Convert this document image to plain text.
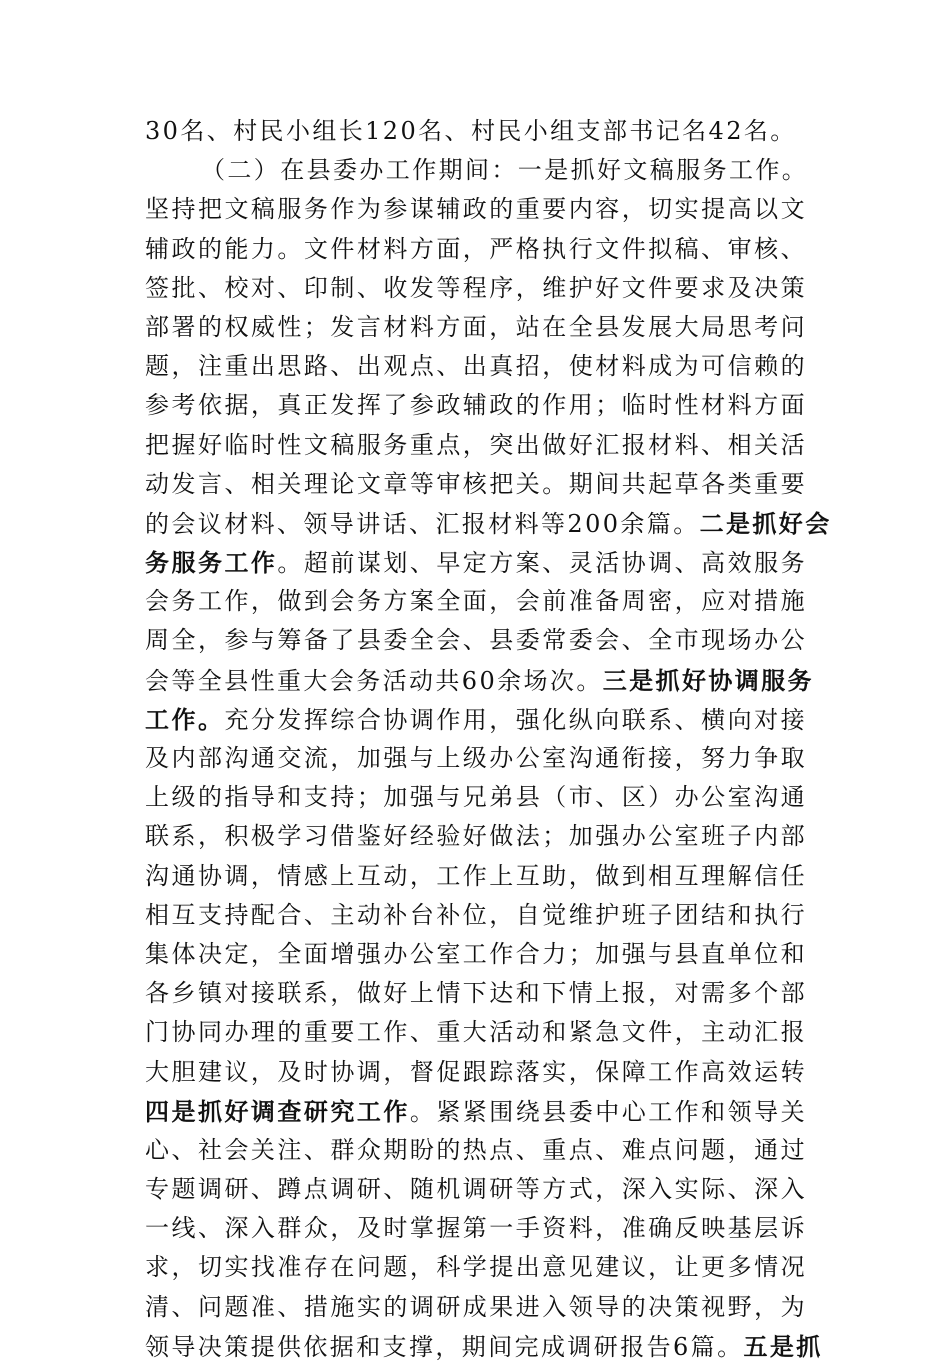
30名、村民小组长120名、村民小组支部书记名42名。
（二）在县委办工作期间：一是抓好文稿服务工作。
坚持把文稿服务作为参谋辅政的重要内容，切实提高以文
辅政的能力。文件材料方面，严格执行文件拟稿、审核、
签批、校对、印制、收发等程序，维护好文件要求及决策
部署的权威性；发言材料方面，站在全县发展大局思考问
题，注重出思路、出观点、出真招，使材料成为可信赖的
参考依据，真正发挥了参政辅政的作用；临时性材料方面
把握好临时性文稿服务重点，突出做好汇报材料、相关活
动发言、相关理论文章等审核把关。期间共起草各类重要
的会议材料、领导讲话、汇报材料等200余篇。二是抓好会
务服务工作。超前谋划、早定方案、灵活协调、高效服务
会务工作，做到会务方案全面，会前准备周密，应对措施
周全，参与筹备了县委全会、县委常委会、全市现场办公
会等全县性重大会务活动共60余场次。三是抓好协调服务
工作。充分发挥综合协调作用，强化纵向联系、横向对接
及内部沟通交流，加强与上级办公室沟通衔接，努力争取
上级的指导和支持；加强与兄弟县（市、区）办公室沟通
联系，积极学习借鉴好经验好做法；加强办公室班子内部
沟通协调，情感上互动，工作上互助，做到相互理解信任
相互支持配合、主动补台补位，自觉维护班子团结和执行
集体决定，全面增强办公室工作合力；加强与县直单位和
各乡镇对接联系，做好上情下达和下情上报，对需多个部
门协同办理的重要工作、重大活动和紧急文件，主动汇报
大胆建议，及时协调，督促跟踪落实，保障工作高效运转
四是抓好调查研究工作。紧紧围绕县委中心工作和领导关
心、社会关注、群众期盼的热点、重点、难点问题，通过
专题调研、蹲点调研、随机调研等方式，深入实际、深入
一线、深入群众，及时掌握第一手资料，准确反映基层诉
求，切实找准存在问题，科学提出意见建议，让更多情况
清、问题准、措施实的调研成果进入领导的决策视野，为
领导决策提供依据和支撑，期间完成调研报告6篇。五是抓
